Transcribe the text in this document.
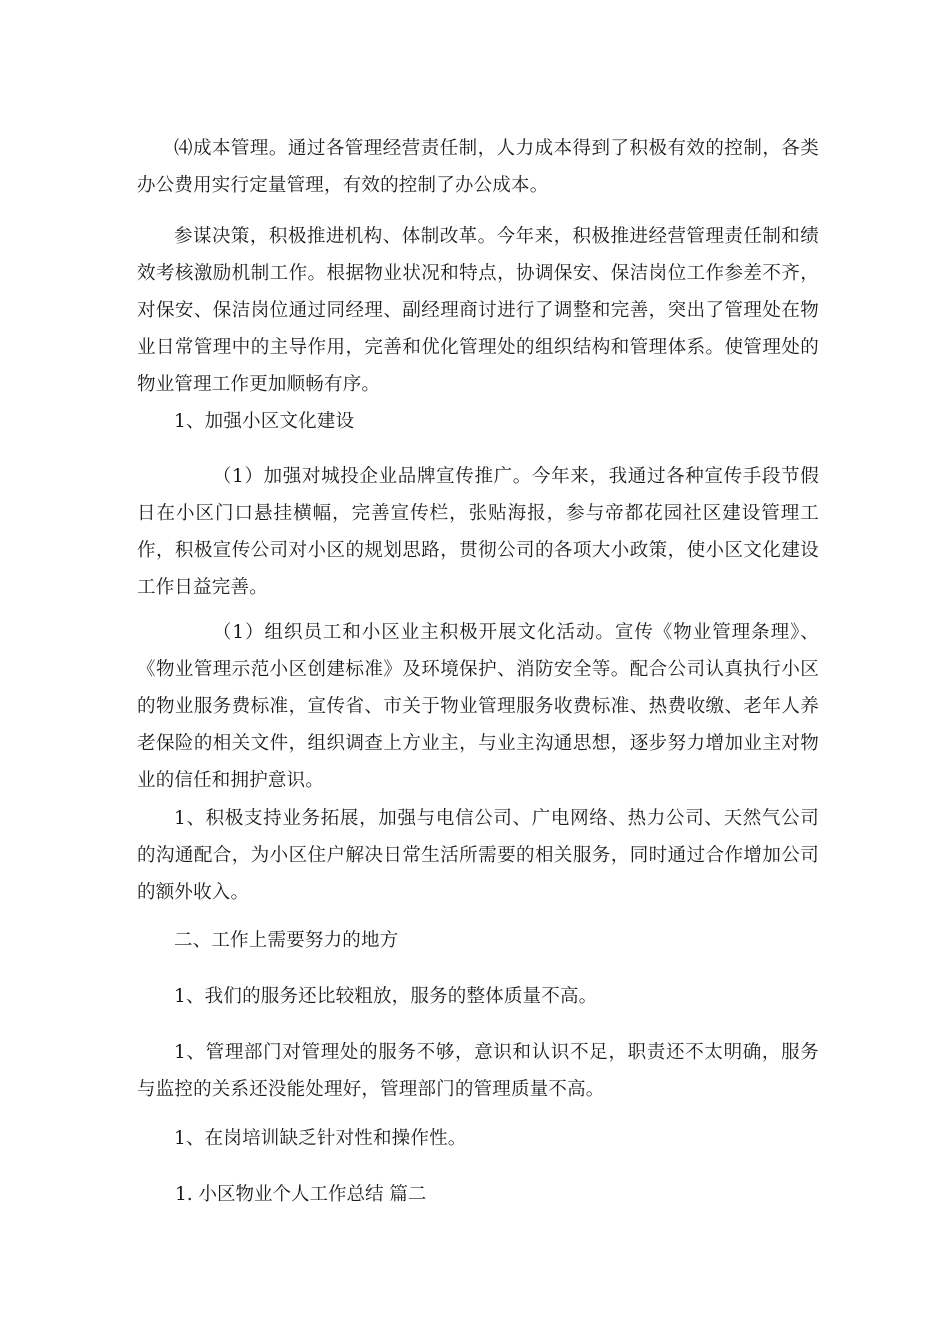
⑷成本管理。通过各管理经营责任制，人力成本得到了积极有效的控制，各类办公费用实行定量管理，有效的控制了办公成本。

参谋决策，积极推进机构、体制改革。今年来，积极推进经营管理责任制和绩效考核激励机制工作。根据物业状况和特点，协调保安、保洁岗位工作参差不齐，对保安、保洁岗位通过同经理、副经理商讨进行了调整和完善，突出了管理处在物业日常管理中的主导作用，完善和优化管理处的组织结构和管理体系。使管理处的物业管理工作更加顺畅有序。

1、加强小区文化建设

（1）加强对城投企业品牌宣传推广。今年来，我通过各种宣传手段节假日在小区门口悬挂横幅，完善宣传栏，张贴海报，参与帝都花园社区建设管理工作，积极宣传公司对小区的规划思路，贯彻公司的各项大小政策，使小区文化建设工作日益完善。

（1）组织员工和小区业主积极开展文化活动。宣传《物业管理条理》、《物业管理示范小区创建标准》及环境保护、消防安全等。配合公司认真执行小区的物业服务费标准，宣传省、市关于物业管理服务收费标准、热费收缴、老年人养老保险的相关文件，组织调查上方业主，与业主沟通思想，逐步努力增加业主对物业的信任和拥护意识。

1、积极支持业务拓展，加强与电信公司、广电网络、热力公司、天然气公司的沟通配合，为小区住户解决日常生活所需要的相关服务，同时通过合作增加公司的额外收入。

二、工作上需要努力的地方

1、我们的服务还比较粗放，服务的整体质量不高。

1、管理部门对管理处的服务不够，意识和认识不足，职责还不太明确，服务与监控的关系还没能处理好，管理部门的管理质量不高。

1、在岗培训缺乏针对性和操作性。

1. 小区物业个人工作总结 篇二
